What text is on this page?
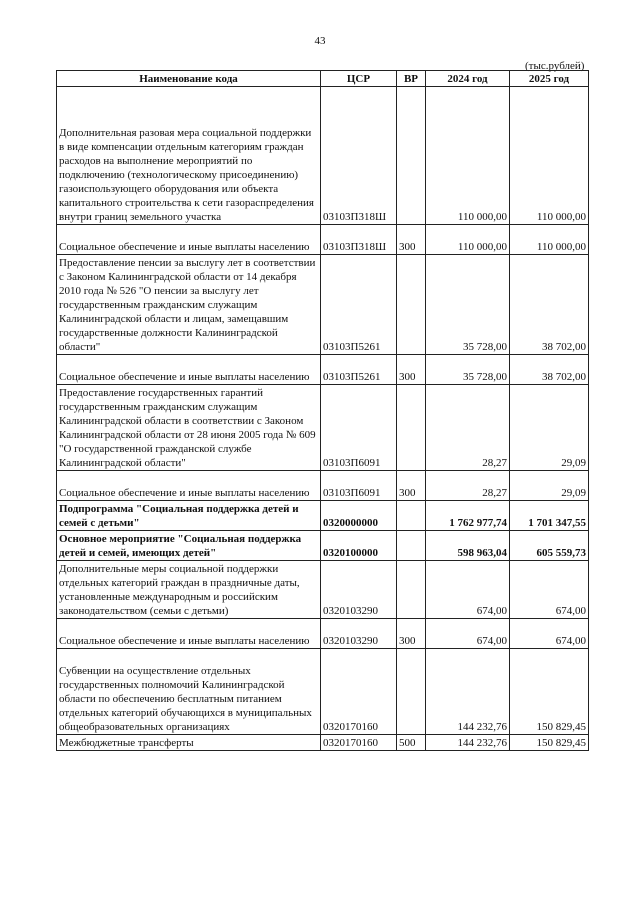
43
(тыс.рублей)
Наименование кода	ЦСР	ВР	2024 год	2025 год
Дополнительная разовая мера социальной поддержки в виде компенсации отдельным категориям граждан расходов на выполнение мероприятий по подключению (технологическому присоединению) газоиспользующего оборудования или объекта капитального строительства к сети газораспределения внутри границ земельного участка	03103П318Ш		110 000,00	110 000,00
Социальное обеспечение и иные выплаты населению	03103П318Ш	300	110 000,00	110 000,00
Предоставление пенсии за выслугу лет в соответствии с Законом Калининградской области от 14 декабря 2010 года № 526 "О пенсии за выслугу лет государственным гражданским служащим Калининградской области и лицам, замещавшим государственные должности Калининградской области"	03103П5261		35 728,00	38 702,00
Социальное обеспечение и иные выплаты населению	03103П5261	300	35 728,00	38 702,00
Предоставление государственных гарантий государственным гражданским служащим Калининградской области в соответствии с Законом Калининградской области от 28 июня 2005 года № 609 "О государственной гражданской службе Калининградской области"	03103П6091		28,27	29,09
Социальное обеспечение и иные выплаты населению	03103П6091	300	28,27	29,09
Подпрограмма "Социальная поддержка детей и семей с детьми"	0320000000		1 762 977,74	1 701 347,55
Основное мероприятие "Социальная поддержка детей и семей, имеющих детей"	0320100000		598 963,04	605 559,73
Дополнительные меры социальной поддержки отдельных категорий граждан в праздничные даты, установленные международным и российским законодательством (семьи с детьми)	0320103290		674,00	674,00
Социальное обеспечение и иные выплаты населению	0320103290	300	674,00	674,00
Субвенции на осуществление отдельных государственных полномочий Калининградской области по обеспечению бесплатным питанием отдельных категорий обучающихся в муниципальных общеобразовательных организациях	0320170160		144 232,76	150 829,45
Межбюджетные трансферты	0320170160	500	144 232,76	150 829,45
